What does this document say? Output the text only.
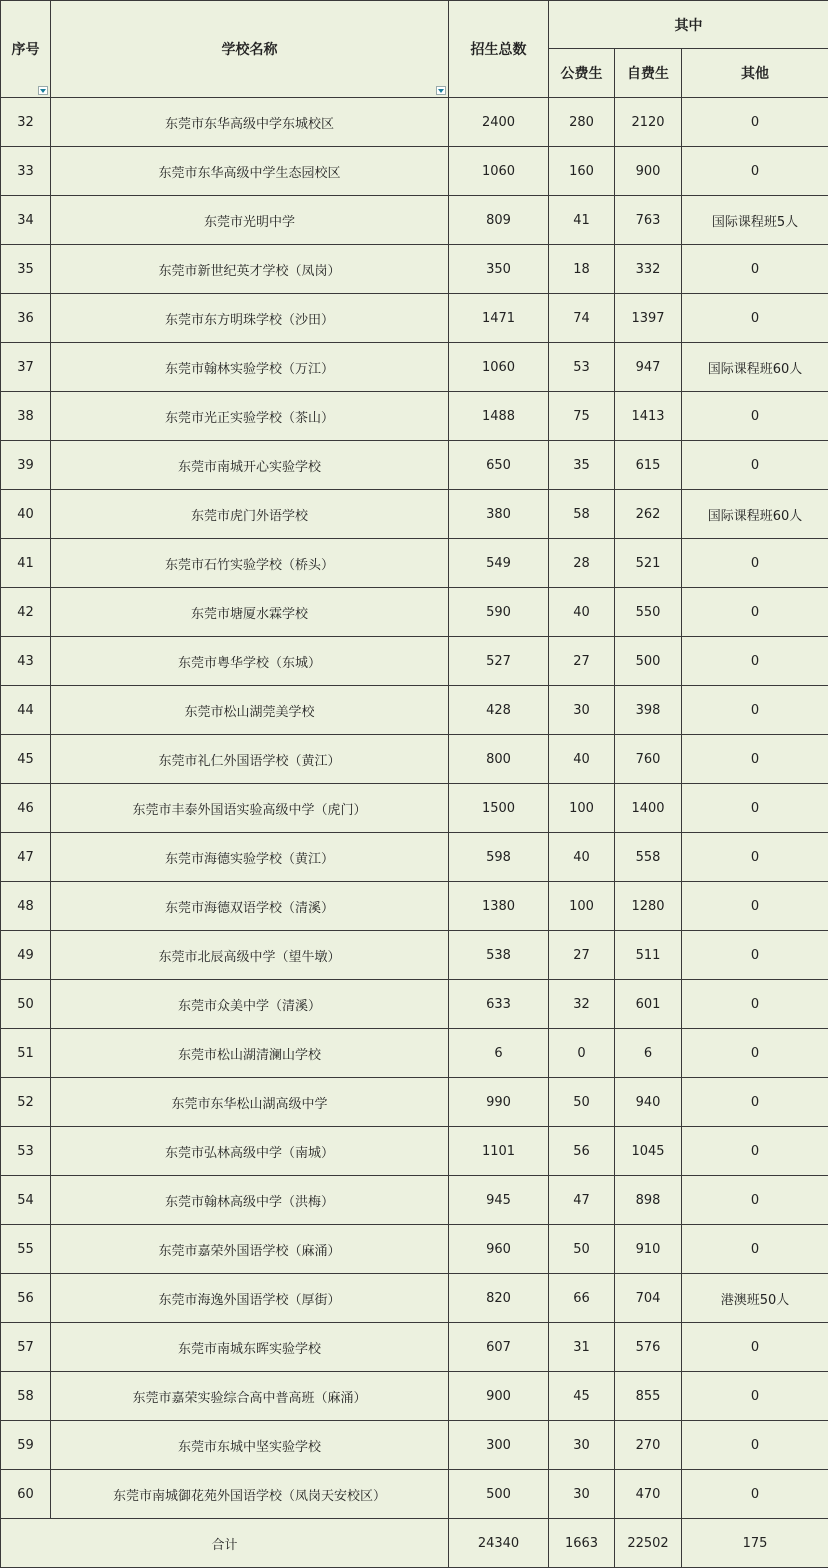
序号	学校名称	招生总数	其中		
			公费生	自费生	其他
32	东莞市东华高级中学东城校区	2400	280	2120	0
33	东莞市东华高级中学生态园校区	1060	160	900	0
34	东莞市光明中学	809	41	763	国际课程班5人
35	东莞市新世纪英才学校（凤岗）	350	18	332	0
36	东莞市东方明珠学校（沙田）	1471	74	1397	0
37	东莞市翰林实验学校（万江）	1060	53	947	国际课程班60人
38	东莞市光正实验学校（茶山）	1488	75	1413	0
39	东莞市南城开心实验学校	650	35	615	0
40	东莞市虎门外语学校	380	58	262	国际课程班60人
41	东莞市石竹实验学校（桥头）	549	28	521	0
42	东莞市塘厦水霖学校	590	40	550	0
43	东莞市粤华学校（东城）	527	27	500	0
44	东莞市松山湖莞美学校	428	30	398	0
45	东莞市礼仁外国语学校（黄江）	800	40	760	0
46	东莞市丰泰外国语实验高级中学（虎门）	1500	100	1400	0
47	东莞市海德实验学校（黄江）	598	40	558	0
48	东莞市海德双语学校（清溪）	1380	100	1280	0
49	东莞市北辰高级中学（望牛墩）	538	27	511	0
50	东莞市众美中学（清溪）	633	32	601	0
51	东莞市松山湖清澜山学校	6	0	6	0
52	东莞市东华松山湖高级中学	990	50	940	0
53	东莞市弘林高级中学（南城）	1101	56	1045	0
54	东莞市翰林高级中学（洪梅）	945	47	898	0
55	东莞市嘉荣外国语学校（麻涌）	960	50	910	0
56	东莞市海逸外国语学校（厚街）	820	66	704	港澳班50人
57	东莞市南城东晖实验学校	607	31	576	0
58	东莞市嘉荣实验综合高中普高班（麻涌）	900	45	855	0
59	东莞市东城中坚实验学校	300	30	270	0
60	东莞市南城御花苑外国语学校（凤岗天安校区）	500	30	470	0
合计		24340	1663	22502	175
